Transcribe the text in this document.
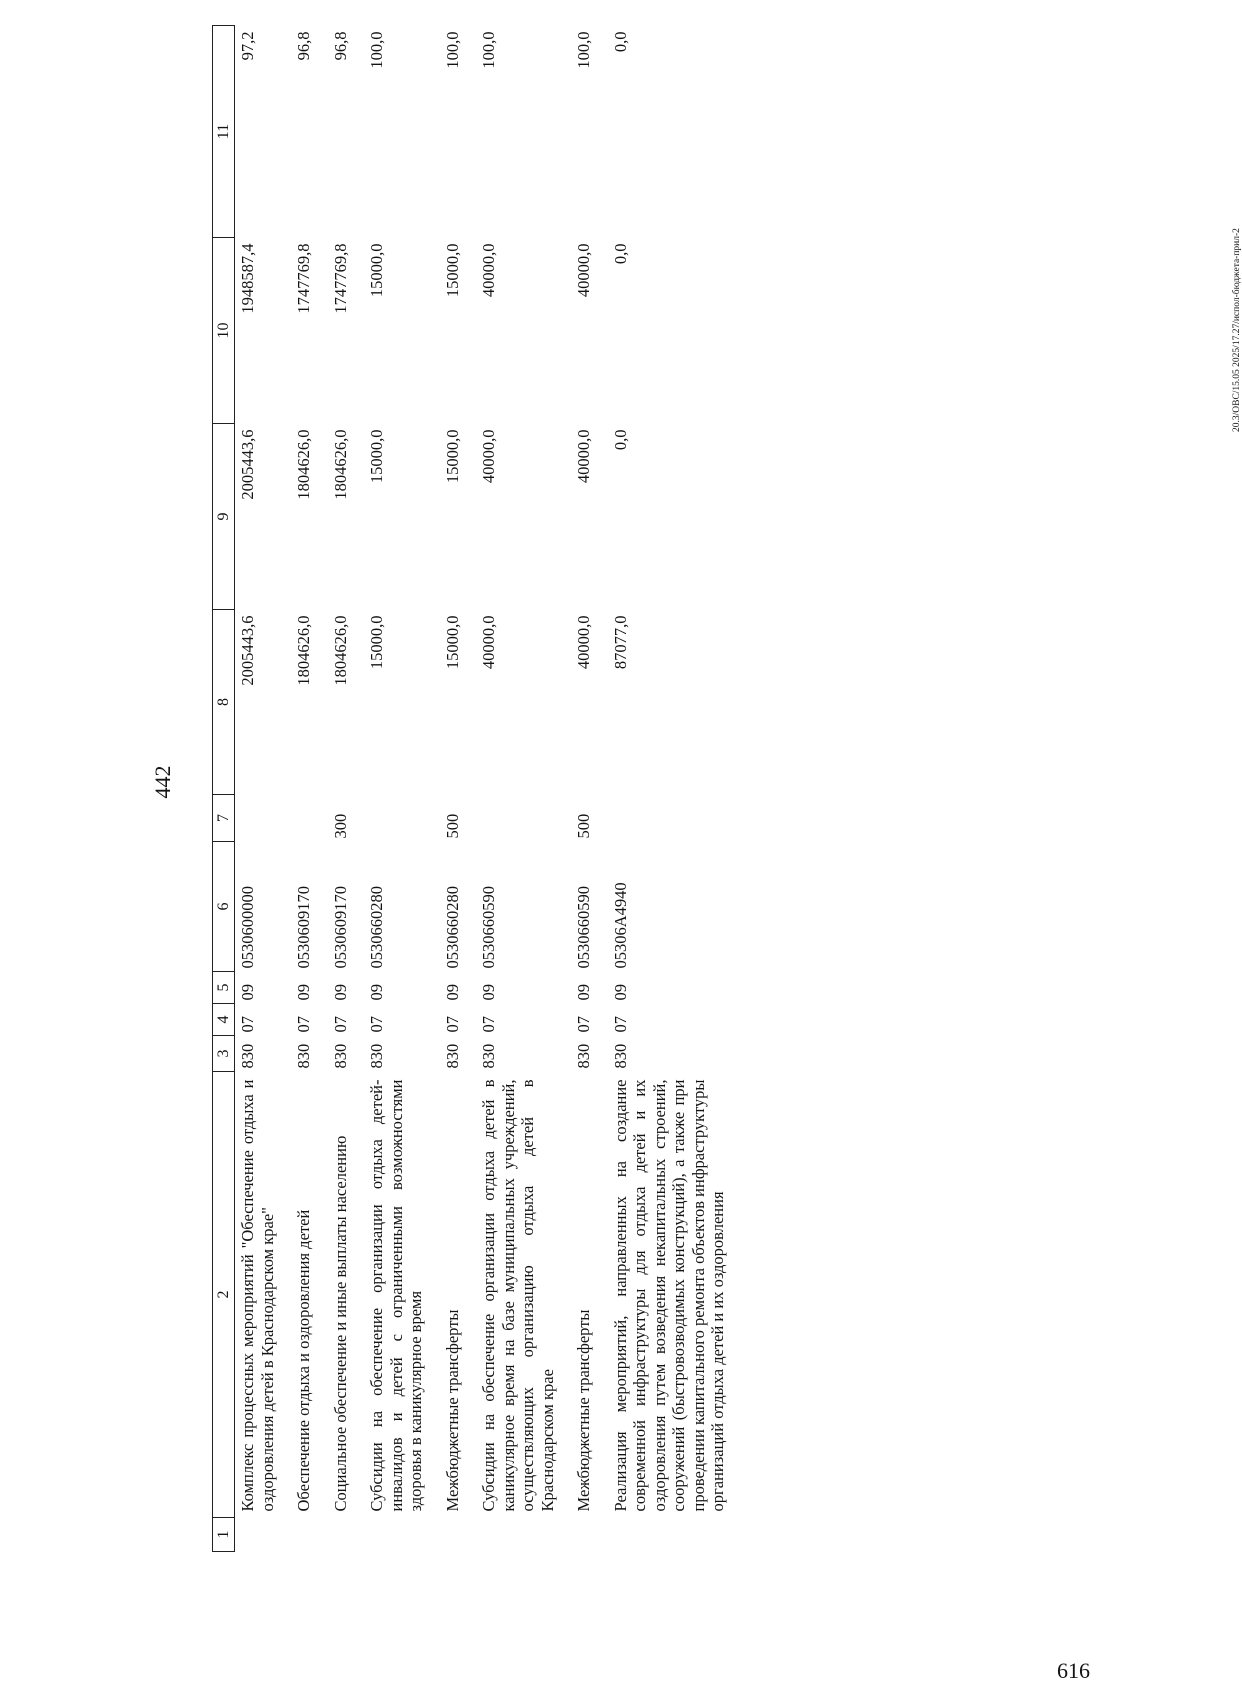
442
1	2	3	4	5	6	7	8	9	10	11
	Комплекс процессных мероприятий "Обеспечение отдыха и оздоровления детей в Краснодарском крае"	830	07	09	0530600000		2005443,6	2005443,6	1948587,4	97,2
	Обеспечение отдыха и оздоровления детей	830	07	09	0530609170		1804626,0	1804626,0	1747769,8	96,8
	Социальное обеспечение и иные выплаты населению	830	07	09	0530609170	300	1804626,0	1804626,0	1747769,8	96,8
	Субсидии на обеспечение организации отдыха детей-инвалидов и детей с ограниченными возможностями здоровья в каникулярное время	830	07	09	0530660280		15000,0	15000,0	15000,0	100,0
	Межбюджетные трансферты	830	07	09	0530660280	500	15000,0	15000,0	15000,0	100,0
	Субсидии на обеспечение организации отдыха детей в каникулярное время на базе муниципальных учреждений, осуществляющих организацию отдыха детей в Краснодарском крае	830	07	09	0530660590		40000,0	40000,0	40000,0	100,0
	Межбюджетные трансферты	830	07	09	0530660590	500	40000,0	40000,0	40000,0	100,0
	Реализация мероприятий, направленных на создание современной инфраструктуры для отдыха детей и их оздоровления путем возведения некапитальных строений, сооружений (быстровозводимых конструкций), а также при проведении капитального ремонта объектов инфраструктуры организаций отдыха детей и их оздоровления	830	07	09	05306A4940		87077,0	0,0	0,0	0,0
20.3/ОВС/15.05 2025/17.27/испол-бюджета-прил-2
616
